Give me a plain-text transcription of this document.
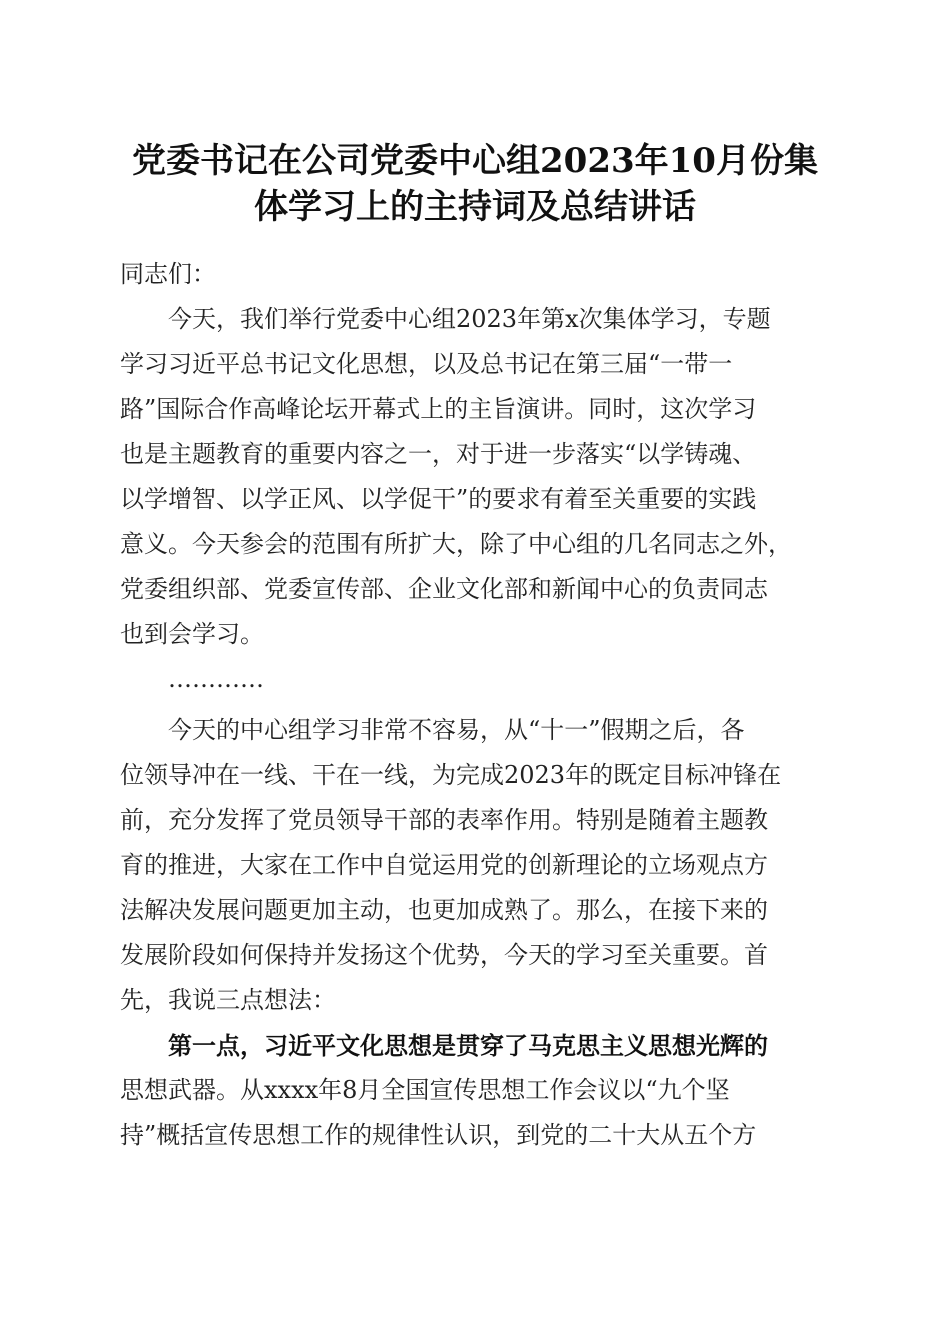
党委书记在公司党委中心组2023年10月份集
体学习上的主持词及总结讲话
同志们：
今天，我们举行党委中心组2023年第x次集体学习，专题
学习习近平总书记文化思想，以及总书记在第三届“一带一
路”国际合作高峰论坛开幕式上的主旨演讲。同时，这次学习
也是主题教育的重要内容之一，对于进一步落实“以学铸魂、
以学增智、以学正风、以学促干”的要求有着至关重要的实践
意义。今天参会的范围有所扩大，除了中心组的几名同志之外，
党委组织部、党委宣传部、企业文化部和新闻中心的负责同志
也到会学习。
…………
今天的中心组学习非常不容易，从“十一”假期之后，各
位领导冲在一线、干在一线，为完成2023年的既定目标冲锋在
前，充分发挥了党员领导干部的表率作用。特别是随着主题教
育的推进，大家在工作中自觉运用党的创新理论的立场观点方
法解决发展问题更加主动，也更加成熟了。那么，在接下来的
发展阶段如何保持并发扬这个优势，今天的学习至关重要。首
先，我说三点想法：
第一点，习近平文化思想是贯穿了马克思主义思想光辉的
思想武器。从xxxx年8月全国宣传思想工作会议以“九个坚
持”概括宣传思想工作的规律性认识，到党的二十大从五个方
